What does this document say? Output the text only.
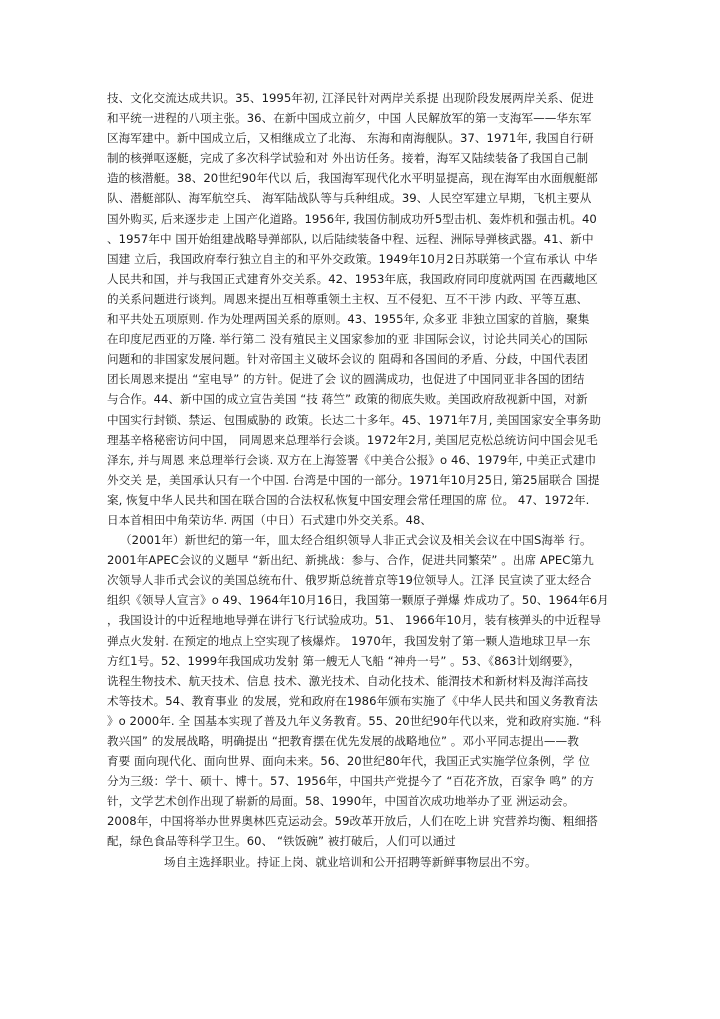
技、文化交流达成共识。35、1995年初, 江泽民针对两岸关系提 出现阶段发展两岸关系、促进
和平统一进程的八项主张。36、在新中国成立前夕，中国 人民解放军的第一支海军——华东军
区海军建中。新中国成立后，又相继成立了北海、 东海和南海舰队。37、1971年, 我国自行研
制的核弹呕逐艇，完成了多次科学试验和对 外出访任务。接着，海军又陆续装备了我国自己制
造的核潜艇。38、20世纪90年代以 后，我国海军现代化水平明显提高，现在海军由水面舰艇部
队、潜艇部队、海军航空兵、 海军陆战队等与兵种组成。39、人民空军建立早期，飞机主要从
国外购买, 后来逐步走 上国产化道路。1956年, 我国仿制成功歼5型击机、轰炸机和强击机。40
、1957年中 国开始组建战略导弹部队, 以后陆续装备中程、远程、洲际导弹核武器。41、新中
国建 立后，我国政府奉行独立自主的和平外交政策。1949年10月2日苏联第一个宣布承认 中华
人民共和国，并与我国正式建育外交关系。42、1953年底，我国政府同印度就两国 在西藏地区
的关系问题进行谈判。周恩来提出互相尊重领土主权、互不侵犯、互不干涉 内政、平等互惠、
和平共处五项原则. 作为处理两国关系的原则。43、1955年, 众多亚 非独立国家的首脑，聚集
在印度尼西亚的万隆. 举行第二 没有殖民主义国家参加的亚 非国际会议，讨论共同关心的国际
问题和的非国家发展问题。针对帝国主义破坏会议的 阻碍和各国间的矛盾、分歧，中国代表团
团长周恩来提出 “室电导” 的方针。促进了会 议的圆满成功，也促进了中国同亚非各国的团结
与合作。44、新中国的成立宣告美国 “技 蒋竺” 政策的彻底失败。美国政府敌视新中国，对新
中国实行封锁、禁运、包围威胁的 政策。长达二十多年。45、1971年7月, 美国国家安全事务助
理基辛格秘密访问中国， 同周恩来总理举行会谈。1972年2月, 美国尼克松总统访问中国会见毛
泽东, 并与周恩 来总理举行会谈. 双方在上海签署《中美合公报》o 46、1979年, 中美正式建巾
外交关 是，美国承认只有一个中国. 台湾是中国的一部分。1971年10月25日, 第25届联合 国提
案, 恢复中华人民共和国在联合国的合法权私恢复中国安理会常任理国的席 位。 47、1972年.
日本首相田中角荣访华. 两国（中日）石式建巾外交关系。48、
（2001年）新世纪的第一年，皿太经合组织领导人非正式会议及相关会议在中国S海举 行。
2001年APEC会议的义题早 “新出纪、新挑战：参与、合作，促进共同繁荣” 。出席 APEC第九
次领导人非币式会议的美国总统布什、俄罗斯总统普京等19位领导人。江泽 民宣读了亚太经合
组织《领导人宣言》o 49、1964年10月16日，我国第一颗原子弹爆 炸成功了。50、1964年6月
，我国设计的中近程地地导弹在讲行飞行试验成功。51、 1966年10月，装有核弹头的中近程导
弹点火发射. 在预定的地点上空实现了核爆炸。 1970年，我国发射了第一颗人造地球卫早一东
方红1号。52、1999年我国成功发射 第一艘无人飞船 “神舟一号” 。53、《863计划纲要》，
诜程生物技术、航天技术、信息 技术、激光技术、自动化技术、能渭技术和新材料及海洋高技
术等技术。54、教育事业 的发展，党和政府在1986年颁布实施了《中华人民共和国义务教育法
》o 2000年. 全 国基本实现了普及九年义务教育。55、20世纪90年代以来，党和政府实施. “科
教兴国” 的发展战略，明确提出 “把教育摆在优先发展的战略地位” 。邓小平同志提出——教
育要 面向现代化、面向世界、面向未来。56、20世纪80年代，我国正式实施学位条例，学 位
分为三级：学十、硕十、博十。57、1956年，中国共产党提今了 “百花齐放，百家争 鸣” 的方
针，文学艺术创作出现了崭新的局面。58、1990年，中国首次成功地举办了亚 洲运动会。
2008年，中国将举办世界奥林匹克运动会。59改革开放后，人们在吃上讲 究营养均衡、粗细搭
配，绿色食品等科学卫生。60、 “铁饭碗” 被打破后，人们可以通过
场自主选择职业。持证上岗、就业培训和公开招聘等新鲜事物层出不穷。
